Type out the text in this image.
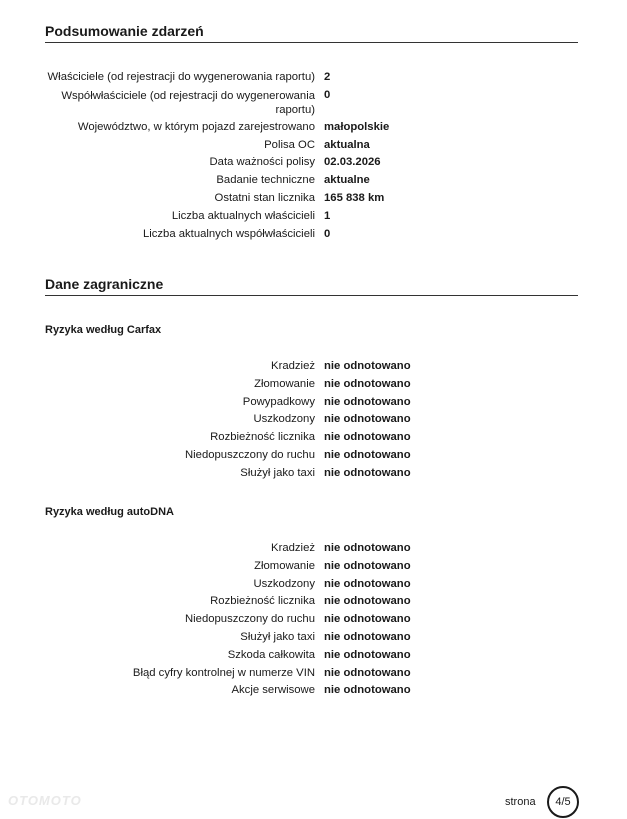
Podsumowanie zdarzeń
Właściciele (od rejestracji do wygenerowania raportu) 2
Współwłaściciele (od rejestracji do wygenerowania raportu)
0
Województwo, w którym pojazd zarejestrowano małopolskie
Polisa OC aktualna
Data ważności polisy 02.03.2026
Badanie techniczne aktualne
Ostatni stan licznika 165 838 km
Liczba aktualnych właścicieli 1
Liczba aktualnych współwłaścicieli 0
Dane zagraniczne
Ryzyka według Carfax
Kradzież nie odnotowano
Złomowanie nie odnotowano
Powypadkowy nie odnotowano
Uszkodzony nie odnotowano
Rozbieżność licznika nie odnotowano
Niedopuszczony do ruchu nie odnotowano
Służył jako taxi nie odnotowano
Ryzyka według autoDNA
Kradzież nie odnotowano
Złomowanie nie odnotowano
Uszkodzony nie odnotowano
Rozbieżność licznika nie odnotowano
Niedopuszczony do ruchu nie odnotowano
Służył jako taxi nie odnotowano
Szkoda całkowita nie odnotowano
Błąd cyfry kontrolnej w numerze VIN nie odnotowano
Akcje serwisowe nie odnotowano
OTOMOTO	strona 4/5
